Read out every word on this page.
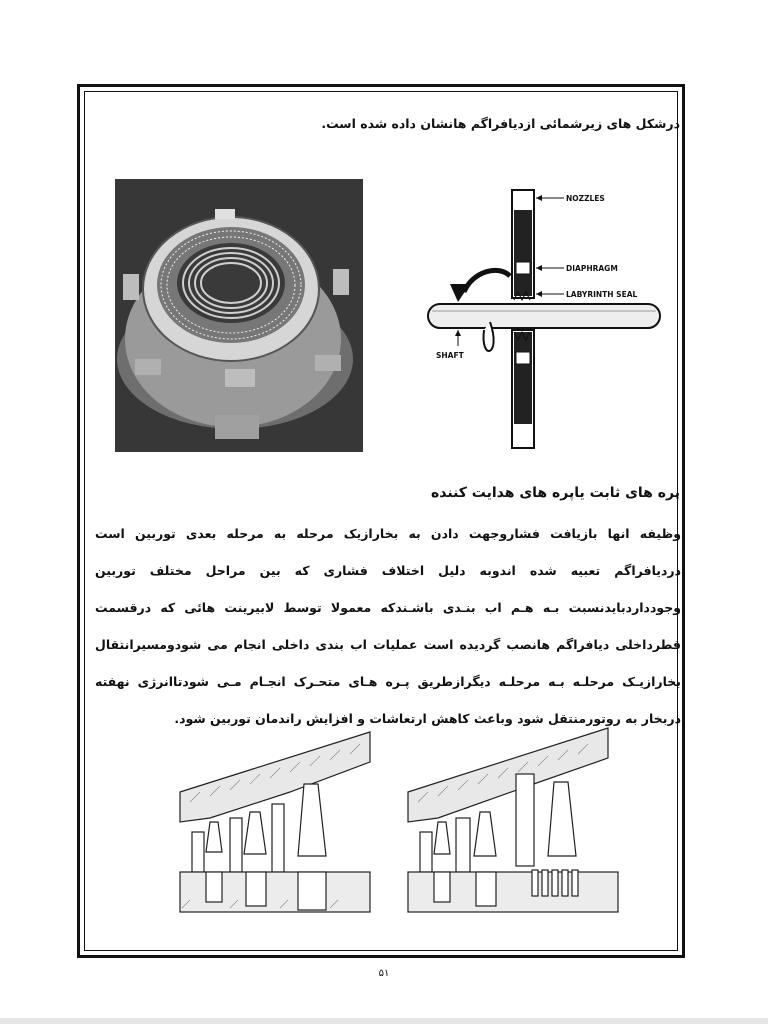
درشکل های زیرشمائی ازدیافراگم هانشان داده شده است.
NOZZLES
DIAPHRAGM
LABYRINTH SEAL
SHAFT
پره های ثابت یاپره های هدایت کننده
وظیفه انها بازیافت فشاروجهت دادن به بخارازیک مرحله به مرحله بعدی توربین است دردیافراگم تعبیه شده اندوبه دلیل اختلاف فشاری که بین مراحل مختلف توربین وجودداردبایدنسبت بـه هـم اب بنـدی باشـندکه معمولا توسط لابیرینت هائی که درقسمت قطرداخلی دیافراگم هانصب گردیده است عملیات اب بندی داخلی انجام می شودومسیرانتقال بخارازیـک مرحلـه بـه مرحلـه دیگرازطریق پـره هـای متحـرک انجـام مـی شودتاانرژی نهفته دربخار به روتورمنتقل شود وباعث کاهش ارتعاشات و افزایش راندمان توربین شود.
۵۱
